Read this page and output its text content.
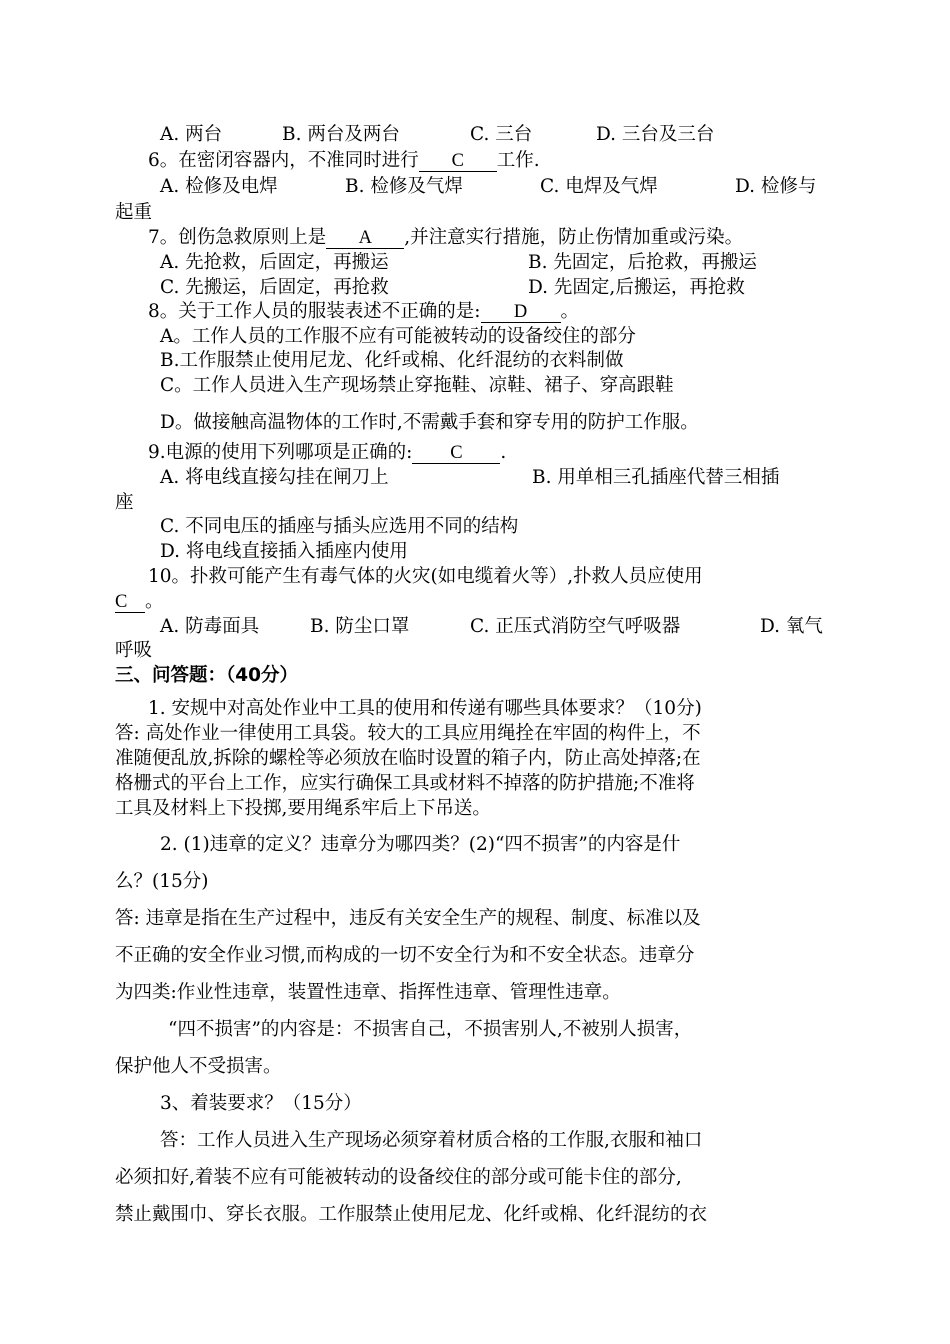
A. 两台	B. 两台及两台	C. 三台	D. 三台及三台
6。在密闭容器内，不准同时进行 C 工作.
A. 检修及电焊	B. 检修及气焊	C. 电焊及气焊	D. 检修与
起重
7。创伤急救原则上是 A ,并注意实行措施，防止伤情加重或污染。
A. 先抢救，后固定，再搬运	B. 先固定，后抢救，再搬运
C. 先搬运，后固定，再抢救	D. 先固定,后搬运，再抢救
8。关于工作人员的服装表述不正确的是: D 。
A。工作人员的工作服不应有可能被转动的设备绞住的部分
B.工作服禁止使用尼龙、化纤或棉、化纤混纺的衣料制做
C。工作人员进入生产现场禁止穿拖鞋、凉鞋、裙子、穿高跟鞋
D。做接触高温物体的工作时,不需戴手套和穿专用的防护工作服。
9.电源的使用下列哪项是正确的: C .
A. 将电线直接勾挂在闸刀上	B. 用单相三孔插座代替三相插
座
C. 不同电压的插座与插头应选用不同的结构
D. 将电线直接插入插座内使用
10。扑救可能产生有毒气体的火灾(如电缆着火等）,扑救人员应使用
C 。
A. 防毒面具	B. 防尘口罩	C. 正压式消防空气呼吸器	D. 氧气
呼吸
三、问答题：（40分）
1. 安规中对高处作业中工具的使用和传递有哪些具体要求？（10分)
答: 高处作业一律使用工具袋。较大的工具应用绳拴在牢固的构件上，不
准随便乱放,拆除的螺栓等必须放在临时设置的箱子内，防止高处掉落;在
格栅式的平台上工作，应实行确保工具或材料不掉落的防护措施;不准将
工具及材料上下投掷,要用绳系牢后上下吊送。
2. (1)违章的定义？违章分为哪四类？(2)“四不损害”的内容是什
么？(15分)
答: 违章是指在生产过程中，违反有关安全生产的规程、制度、标准以及
不正确的安全作业习惯,而构成的一切不安全行为和不安全状态。违章分
为四类:作业性违章，装置性违章、指挥性违章、管理性违章。
“四不损害”的内容是：不损害自己，不损害别人,不被别人损害，
保护他人不受损害。
3、着装要求？（15分）
答：工作人员进入生产现场必须穿着材质合格的工作服,衣服和袖口
必须扣好,着装不应有可能被转动的设备绞住的部分或可能卡住的部分,
禁止戴围巾、穿长衣服。工作服禁止使用尼龙、化纤或棉、化纤混纺的衣
